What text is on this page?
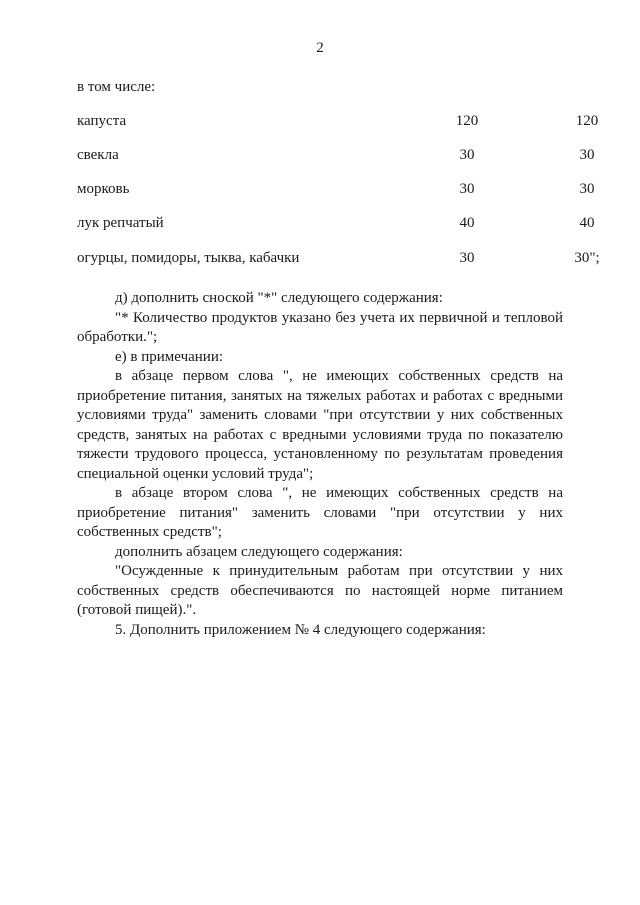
2
в том числе:
капуста	120	120
свекла	30	30
морковь	30	30
лук репчатый	40	40
огурцы, помидоры, тыква, кабачки	30	30";

д) дополнить сноской "*" следующего содержания:

"* Количество продуктов указано без учета их первичной и тепловой обработки.";

е) в примечании:

в абзаце первом слова ", не имеющих собственных средств на приобретение питания, занятых на тяжелых работах и работах с вредными условиями труда" заменить словами "при отсутствии у них собственных средств, занятых на работах с вредными условиями труда по показателю тяжести трудового процесса, установленному по результатам проведения специальной оценки условий труда";

в абзаце втором слова ", не имеющих собственных средств на приобретение питания" заменить словами "при отсутствии у них собственных средств";

дополнить абзацем следующего содержания:

"Осужденные к принудительным работам при отсутствии у них собственных средств обеспечиваются по настоящей норме питанием (готовой пищей).".

5. Дополнить приложением № 4 следующего содержания:
